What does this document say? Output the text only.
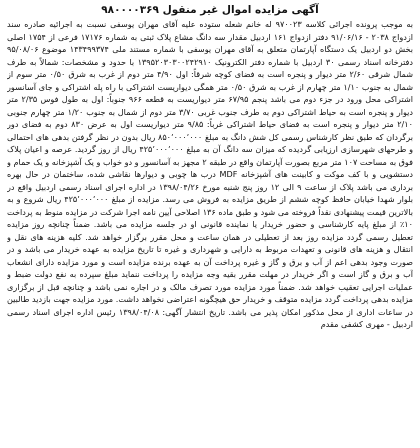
آگهی مزایده اموال غیر منقول ۹۸۰۰۰۰۳۶۹

به موجب پرونده اجرائی کلاسه ۹۷۰۰۲۳ له خانم شعله ستوده علیه آقای مهران یوسفی نسبت به اجرائیه صادره سند ازدواج ۲۰۳۸ - ۹۱/۰۶/۱۶ دفتر ازدواج ۱۶۱ اردبیل مقدار سه دانگ مشاع پلاک ثبتی به شماره ۱۷۱۷۶ فرعی از ۱۷۵۴ اصلی بخش دو اردبیل یک دستگاه آپارتمان متعلق به آقای مهران یوسفی با شماره مستند ملی ۱۴۳۴۹۹۳۷۴ موضوع ۹۵/۰۸/۰۶ دفترخانه اسناد رسمی ۳۰ اردبیل با شماره دفتر الکترونیک ۱۳۹۵۲۰۳۰۳۰۰۲۴۲۹۱۰ با حدود و مشخصات: شمالاً به طرف شمال شرقی ۲/۶۰ متر دیوار و پنجره است به فضای کوچه شرقاً: اول ۴/۹۰ متر دوم از غرب به شرق ۰/۵۰ متر سوم از شمال به جنوب ۱/۱۰ متر چهارم از غرب به شرق ۰/۵۰ متر همگی دیواریست اشتراکی با راه پله اشتراکی و جای آسانسور اشتراکی محل ورود در جزء دوم می باشد پنجم ۶۷/۹۵ متر دیواریست به قطعه ۹۶۶ جنوباً: اول به طول فوس ۲/۳۵ متر دیوار و پنجره است به حیاط اشتراکی دوم به طرف جنوب غربی ۳/۷۰ متر دوم از شمال به جنوب ۱/۲۰ متر چهارم جنوبی ۲/۱۰ متر دیوار و پنجره است به فضای حیاط اشتراکی غرباً: ۹/۸۵ متر دیواریست اول به عرض ۸۳۰ دوم به فضای دور برگردان که طبق نظر کارشناس رسمی کل شش دانگ به مبلغ ۸۵۰٬۰۰۰٬۰۰۰ ریال بدون در نظر گرفتن بدهی های احتمالی و طرحهای شهرسازی ارزیابی گردیده که میزان سه دانگ آن به مبلغ ۴۲۵٬۰۰۰٬۰۰۰ ریال از روز گردید. عرصه و اعیان پلاک فوق به مساحت ۱۰۷ متر مربع بصورت آپارتمان واقع در طبقه ۲ مجهز به آسانسور و دو خواب و یک آشپزخانه و یک حمام و دستشویی و با کف موکت و کابینت های آشپزخانه MDF درب ها چوبی و دیوارها نقاشی شده، ساختمان در حال بهره برداری می باشد پلاک از ساعت ۹ الی ۱۲ روز پنج شنبه مورخ ۱۳۹۸/۰۴/۲۶ در اداره اجرای اسناد رسمی اردبیل واقع در بلوار شهدا خیابان حافظ کوچه ششم از طریق مزایده به فروش می رسد. مزایده از مبلغ ۴۲۵٬۰۰۰٬۰۰۰ ریال شروع و به بالاترین قیمت پیشنهادی نقداً فروخته می شود و طبق ماده ۱۳۶ اصلاحی آیین نامه اجرا شرکت در مزایده منوط به پرداخت ۱۰٪ از مبلغ پایه کارشناسی و حضور خریدار یا نماینده قانونی او در جلسه مزایده می باشد. ضمناً چنانچه روز مزایده تعطیل رسمی گردد مزایده روز بعد از تعطیلی در همان ساعت و محل مقرر برگزار خواهد شد. کلیه هزینه های نقل و انتقال و هزینه های قانونی و تعهدات مربوط به دارایی و شهرداری و غیره تا تاریخ مزایده به عهده خریدار می باشد و در صورت وجود بدهی اعم از آب و برق و گاز و غیره پرداخت آن به عهده برنده مزایده است و مورد مزایده دارای انشعاب آب و برق و گاز است و اگر خریدار در مهلت مقرر بقیه وجه مزایده را پرداخت ننماید مبلغ سپرده به نفع دولت ضبط و عملیات اجرایی تعقیب خواهد شد. ضمناً مورد مزایده مورد تصرف مالک و در اجاره نمی باشد و چنانچه قبل از برگزاری مزایده بدهی پرداخت گردد مزایده متوقف و خریدار حق هیچگونه اعتراضی نخواهد داشت. مورد مزایده جهت بازدید طالبین در ساعات اداری از محل مذکور امکان پذیر می باشد. تاریخ انتشار آگهی: ۱۳۹۸/۰۴/۰۸ رئیس اداره اجرای اسناد رسمی اردبیل - مهری کشفی مقدم
